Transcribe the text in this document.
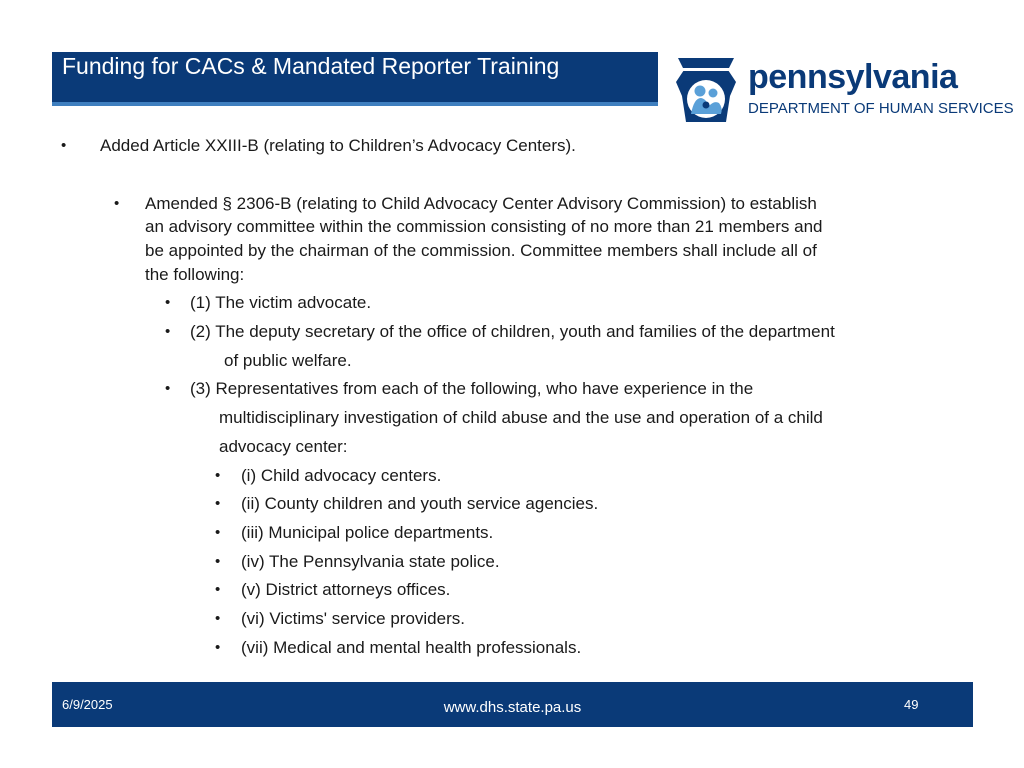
Funding for CACs & Mandated Reporter Training	pennsylvania
DEPARTMENT OF HUMAN SERVICES
• Added Article XXIII-B (relating to Children’s Advocacy Centers).
• Amended § 2306-B (relating to Child Advocacy Center Advisory Commission) to establish
an advisory committee within the commission consisting of no more than 21 members and
be appointed by the chairman of the commission. Committee members shall include all of
the following:
• (1) The victim advocate.
• (2) The deputy secretary of the office of children, youth and families of the department
of public welfare.
• (3) Representatives from each of the following, who have experience in the
multidisciplinary investigation of child abuse and the use and operation of a child
advocacy center:
• (i) Child advocacy centers.
• (ii) County children and youth service agencies.
• (iii) Municipal police departments.
• (iv) The Pennsylvania state police.
• (v) District attorneys offices.
• (vi) Victims' service providers.
• (vii) Medical and mental health professionals.
6/9/2025	www.dhs.state.pa.us	49
